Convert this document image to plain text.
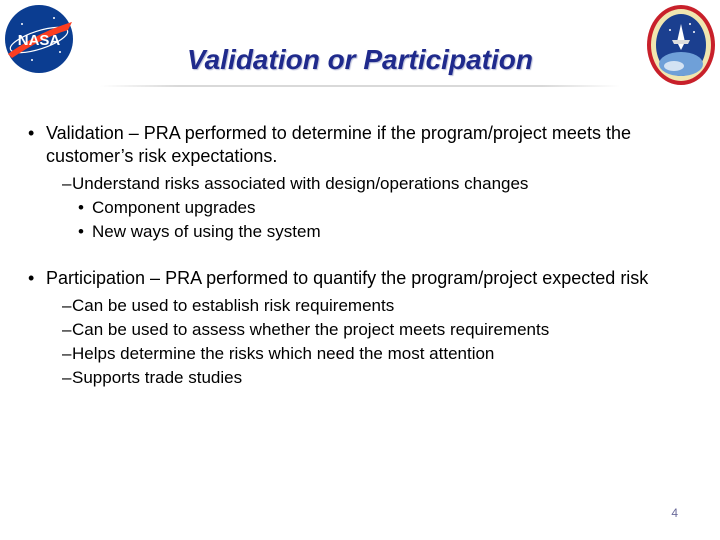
NASA
Validation or Participation
• Validation – PRA performed to determine if the program/project meets the customer’s risk expectations.
– Understand risks associated with design/operations changes
• Component upgrades
• New ways of using the system
• Participation – PRA performed to quantify the program/project expected risk
– Can be used to establish risk requirements
– Can be used to assess whether the project meets requirements
– Helps determine the risks which need the most attention
– Supports trade studies
4
